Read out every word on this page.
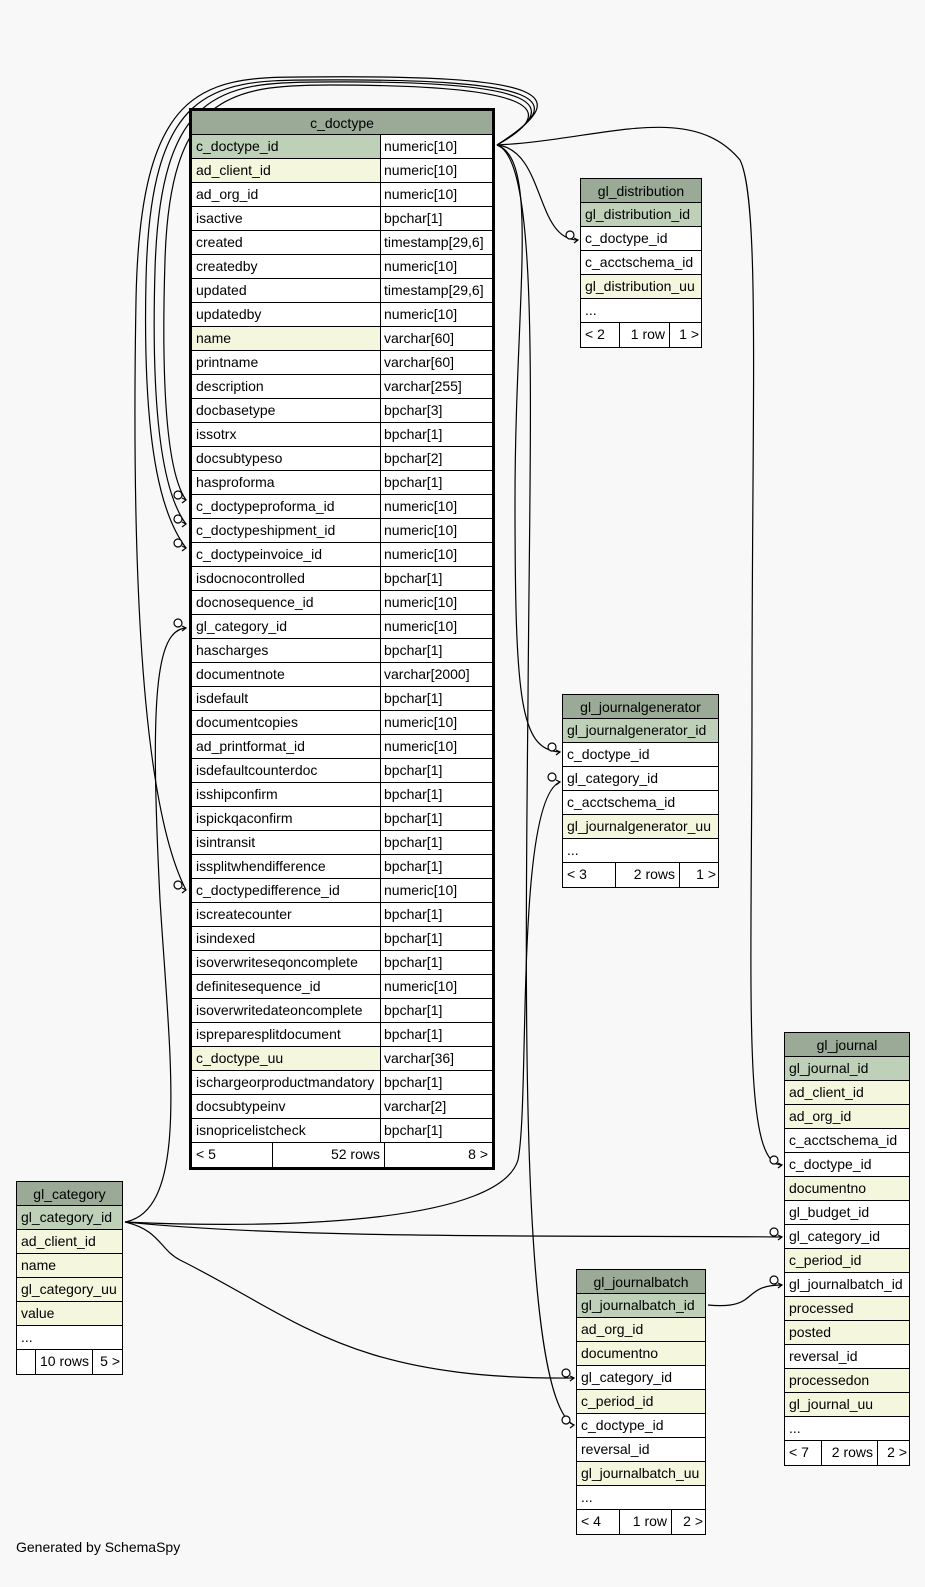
c_doctype
c_doctype_id	numeric[10]
ad_client_id	numeric[10]
ad_org_id	numeric[10]
isactive	bpchar[1]
created	timestamp[29,6]
createdby	numeric[10]
updated	timestamp[29,6]
updatedby	numeric[10]
name	varchar[60]
printname	varchar[60]
description	varchar[255]
docbasetype	bpchar[3]
issotrx	bpchar[1]
docsubtypeso	bpchar[2]
hasproforma	bpchar[1]
c_doctypeproforma_id	numeric[10]
c_doctypeshipment_id	numeric[10]
c_doctypeinvoice_id	numeric[10]
isdocnocontrolled	bpchar[1]
docnosequence_id	numeric[10]
gl_category_id	numeric[10]
hascharges	bpchar[1]
documentnote	varchar[2000]
isdefault	bpchar[1]
documentcopies	numeric[10]
ad_printformat_id	numeric[10]
isdefaultcounterdoc	bpchar[1]
isshipconfirm	bpchar[1]
ispickqaconfirm	bpchar[1]
isintransit	bpchar[1]
issplitwhendifference	bpchar[1]
c_doctypedifference_id	numeric[10]
iscreatecounter	bpchar[1]
isindexed	bpchar[1]
isoverwriteseqoncomplete	bpchar[1]
definitesequence_id	numeric[10]
isoverwritedateoncomplete	bpchar[1]
ispreparesplitdocument	bpchar[1]
c_doctype_uu	varchar[36]
ischargeorproductmandatory bpchar[1]
docsubtypeinv	varchar[2]
isnopricelistcheck	bpchar[1]
< 5	52 rows	8 >
gl_distribution
gl_distribution_id
c_doctype_id
c_acctschema_id
gl_distribution_uu
...
< 2	1 row	1 >
gl_journalgenerator
gl_journalgenerator_id
c_doctype_id
gl_category_id
c_acctschema_id
gl_journalgenerator_uu
...
< 3	2 rows	1 >
gl_journal
gl_journal_id
ad_client_id
ad_org_id
c_acctschema_id
c_doctype_id
documentno
gl_budget_id
gl_category_id
c_period_id
gl_journalbatch_id
processed
posted
reversal_id
processedon
gl_journal_uu
...
< 7	2 rows	2 >
gl_category
gl_category_id
ad_client_id
name
gl_category_uu
value
...
10 rows 5 >
gl_journalbatch
gl_journalbatch_id
ad_org_id
documentno
gl_category_id
c_period_id
c_doctype_id
reversal_id
gl_journalbatch_uu
...
< 4	1 row	2 >
Generated by SchemaSpy
